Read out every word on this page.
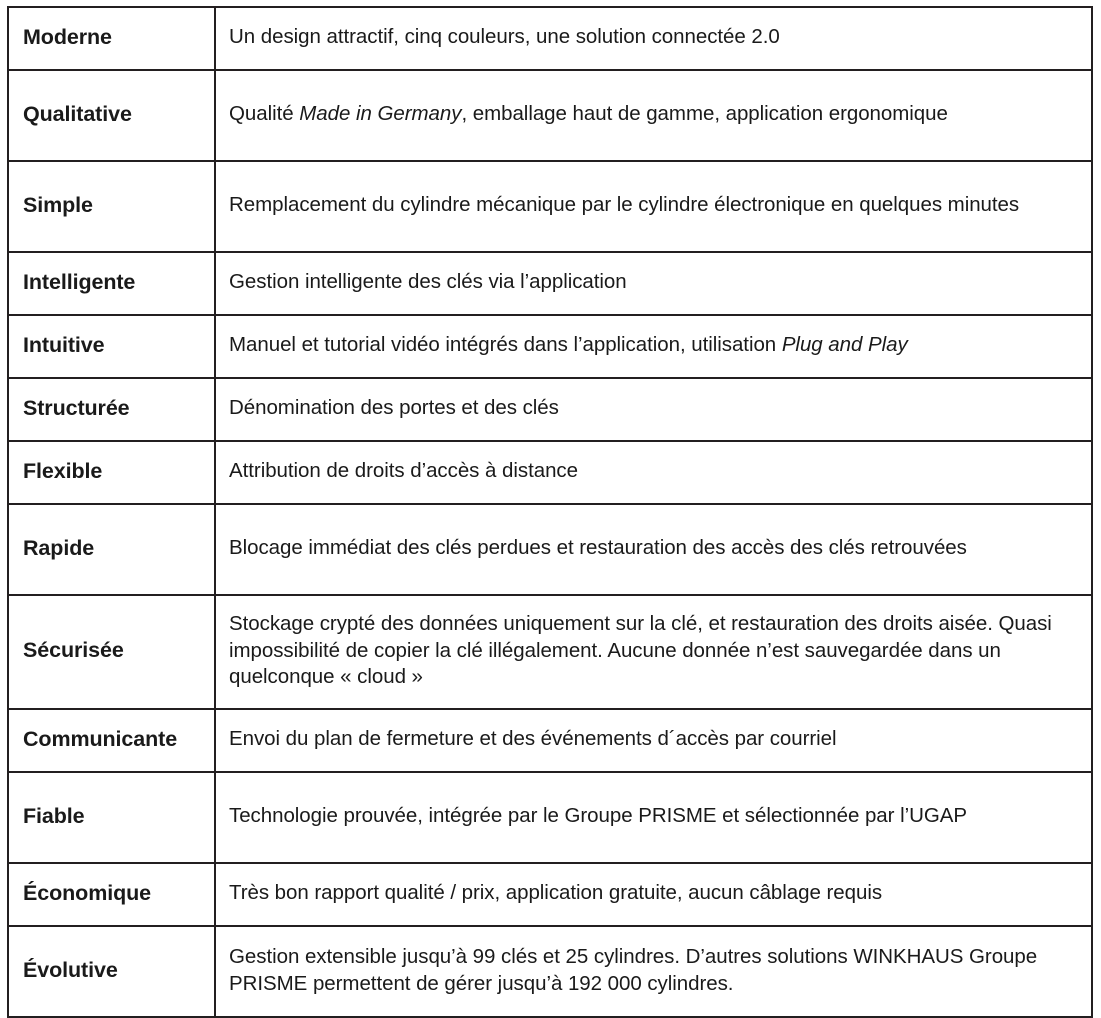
Moderne	Un design attractif, cinq couleurs, une solution connectée 2.0

Qualitative	Qualité Made in Germany, emballage haut de gamme, application ergonomique

Simple	Remplacement du cylindre mécanique par le cylindre électronique en quelques minutes

Intelligente	Gestion intelligente des clés via l’application

Intuitive	Manuel et tutorial vidéo intégrés dans l’application, utilisation Plug and Play

Structurée	Dénomination des portes et des clés

Flexible	Attribution de droits d’accès à distance

Rapide	Blocage immédiat des clés perdues et restauration des accès des clés retrouvées

Sécurisée	Stockage crypté des données uniquement sur la clé, et restauration des droits aisée. Quasi impossibilité de copier la clé illégalement. Aucune donnée n’est sauvegardée dans un quelconque « cloud »

Communicante	Envoi du plan de fermeture et des événements d´accès par courriel

Fiable	Technologie prouvée, intégrée par le Groupe PRISME et sélectionnée par l’UGAP

Économique	Très bon rapport qualité / prix, application gratuite, aucun câblage requis

Évolutive	Gestion extensible jusqu’à 99 clés et 25 cylindres. D’autres solutions WINKHAUS Groupe PRISME permettent de gérer jusqu’à 192 000 cylindres.
